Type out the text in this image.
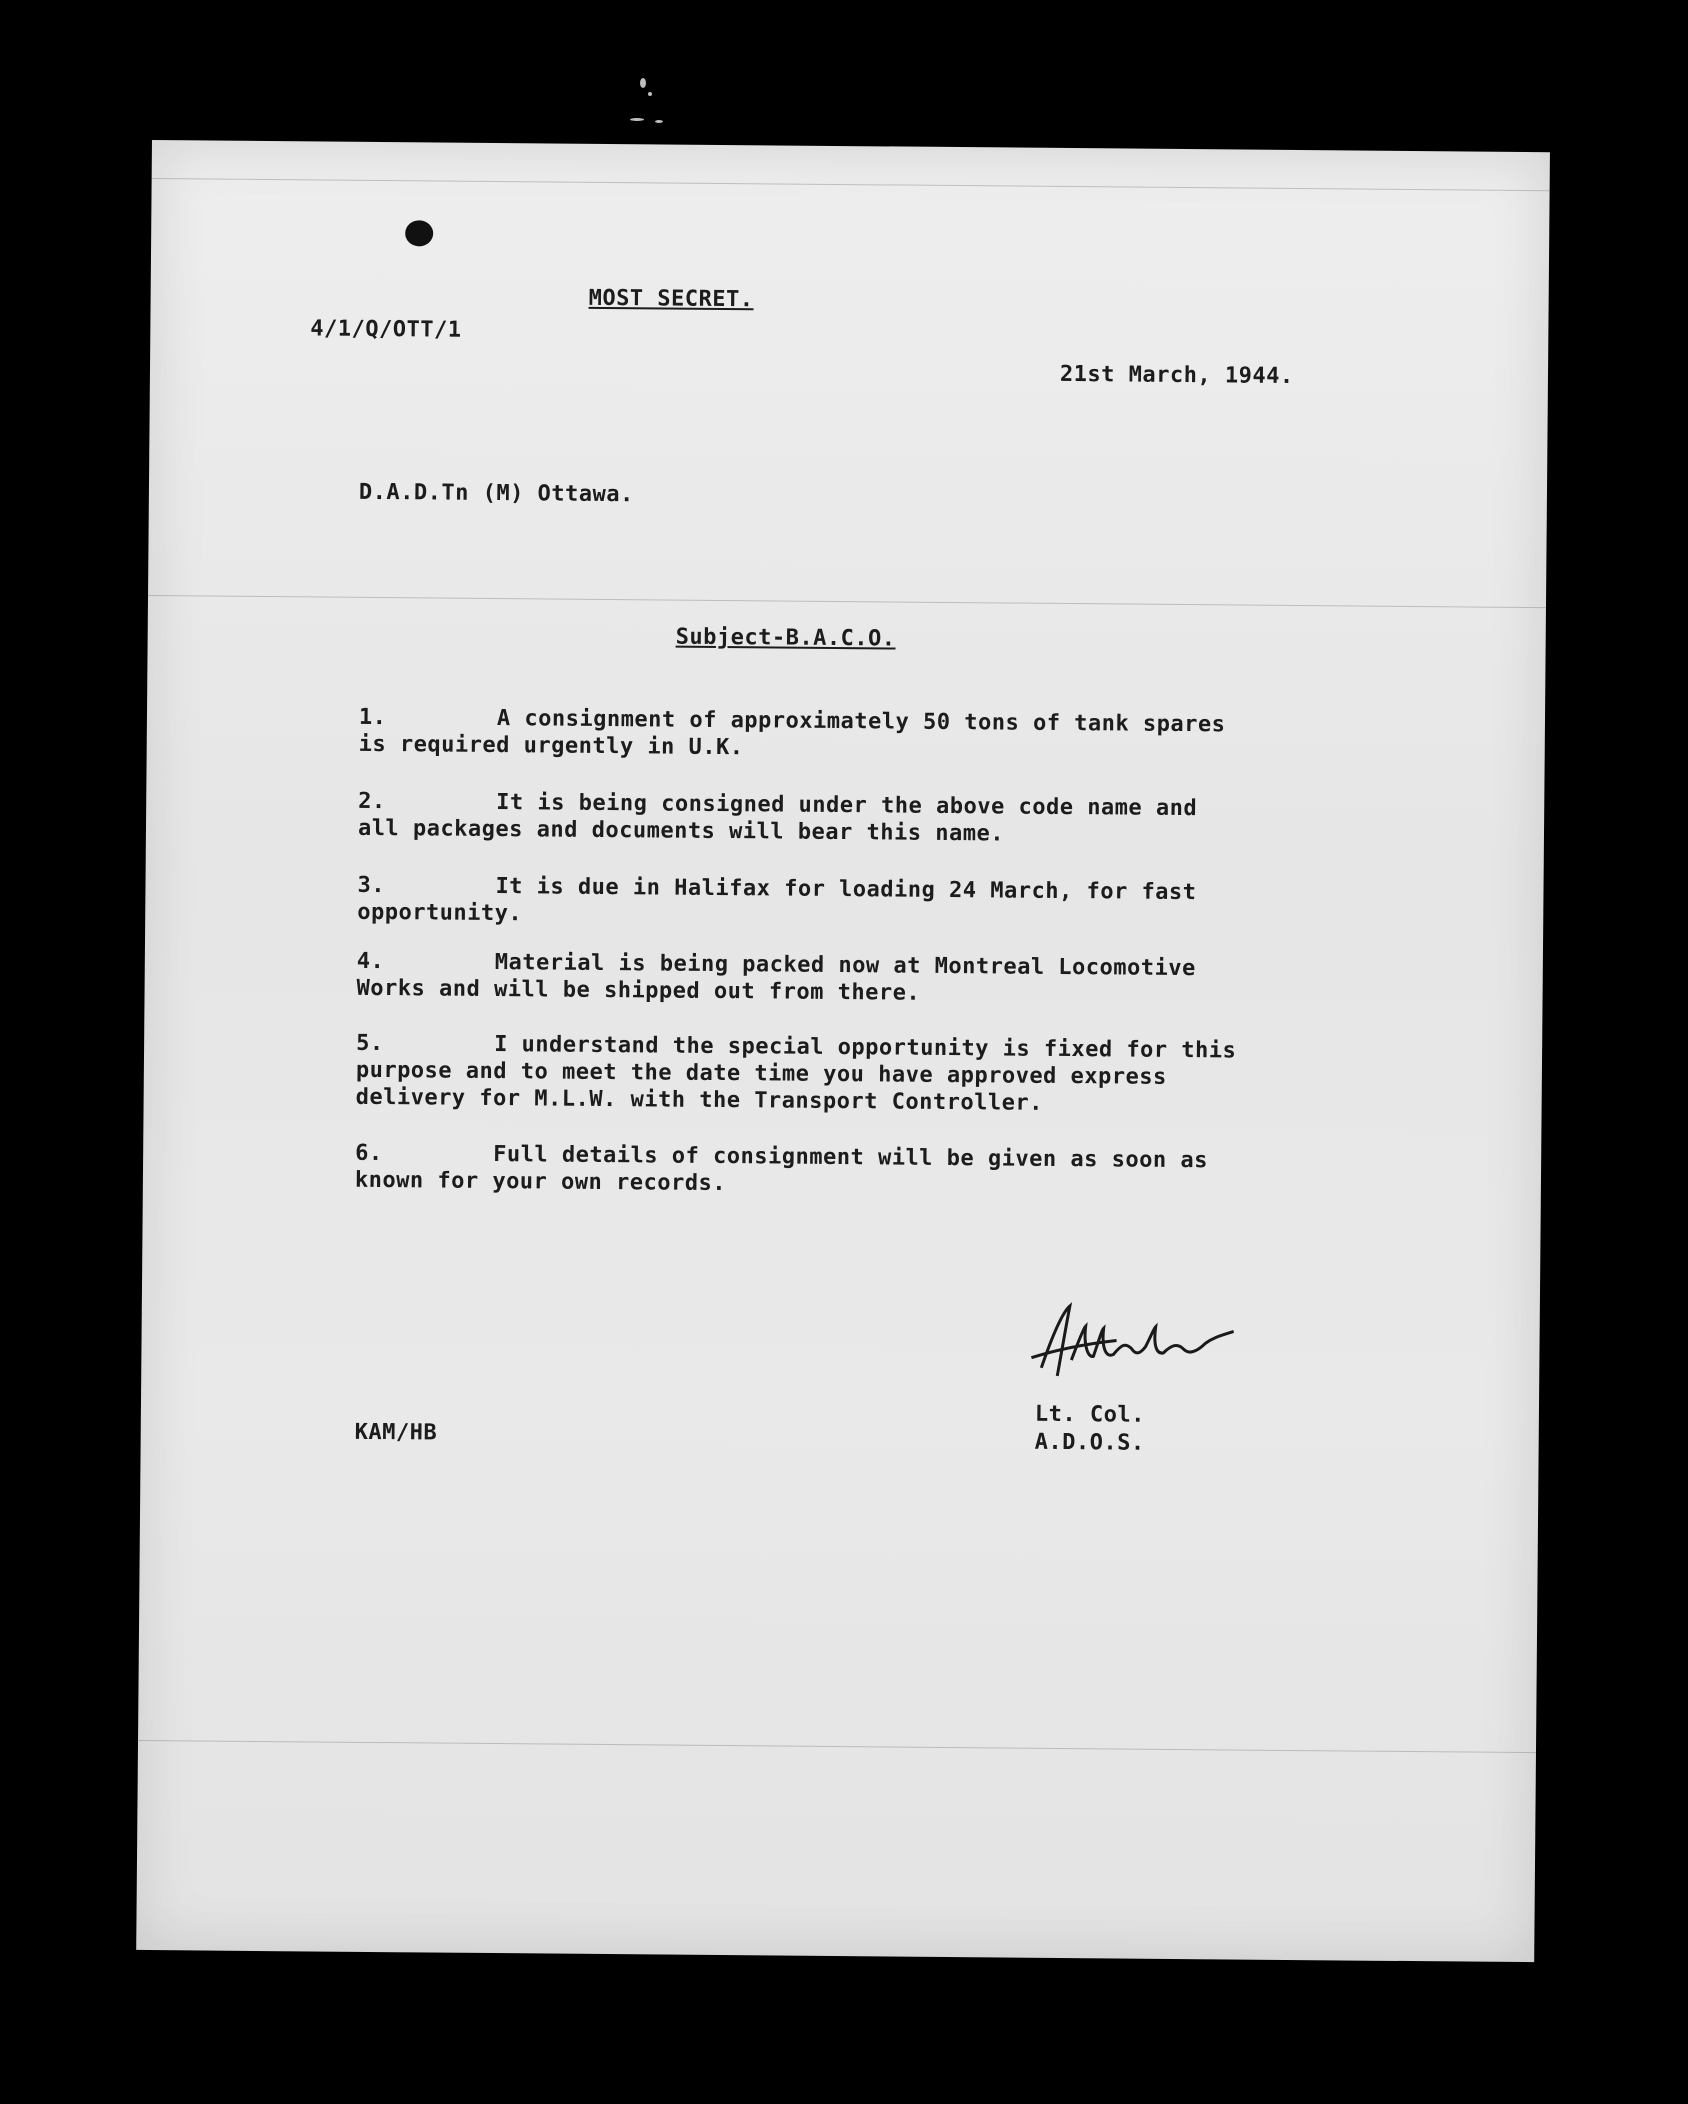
MOST SECRET.
4/1/Q/OTT/1
21st March, 1944.
D.A.D.Tn (M) Ottawa.
Subject-B.A.C.O.
1.	A consignment of approximately 50 tons of tank spares
is required urgently in U.K.
2.	It is being consigned under the above code name and
all packages and documents will bear this name.
3.	It is due in Halifax for loading 24 March, for fast
opportunity.
4.	Material is being packed now at Montreal Locomotive
Works and will be shipped out from there.
5.	I understand the special opportunity is fixed for this
purpose and to meet the date time you have approved express
delivery for M.L.W. with the Transport Controller.
6.	Full details of consignment will be given as soon as
known for your own records.
Lt. Col.
A.D.O.S.
KAM/HB
